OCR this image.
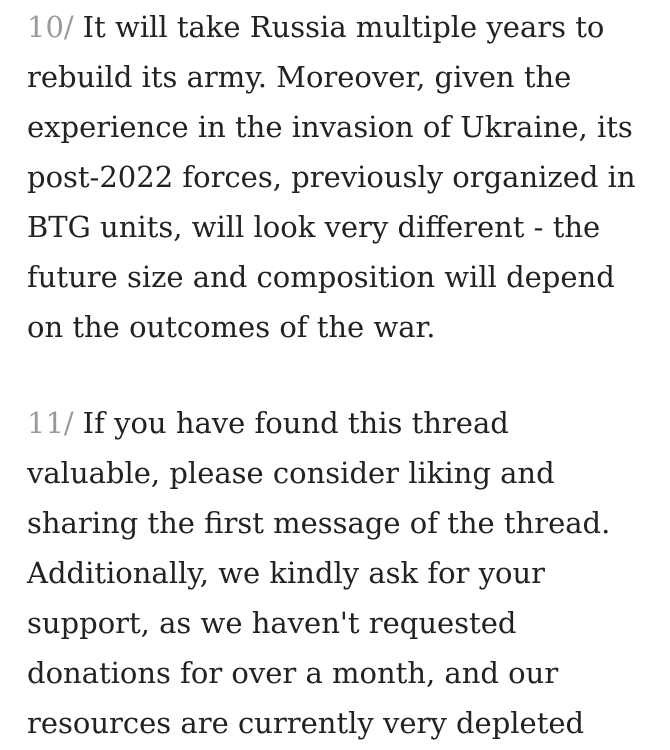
10/ It will take Russia multiple years to
rebuild its army. Moreover, given the
experience in the invasion of Ukraine, its
post-2022 forces, previously organized in
BTG units, will look very different - the
future size and composition will depend
on the outcomes of the war.

11/ If you have found this thread
valuable, please consider liking and
sharing the first message of the thread.
Additionally, we kindly ask for your
support, as we haven't requested
donations for over a month, and our
resources are currently very depleted
